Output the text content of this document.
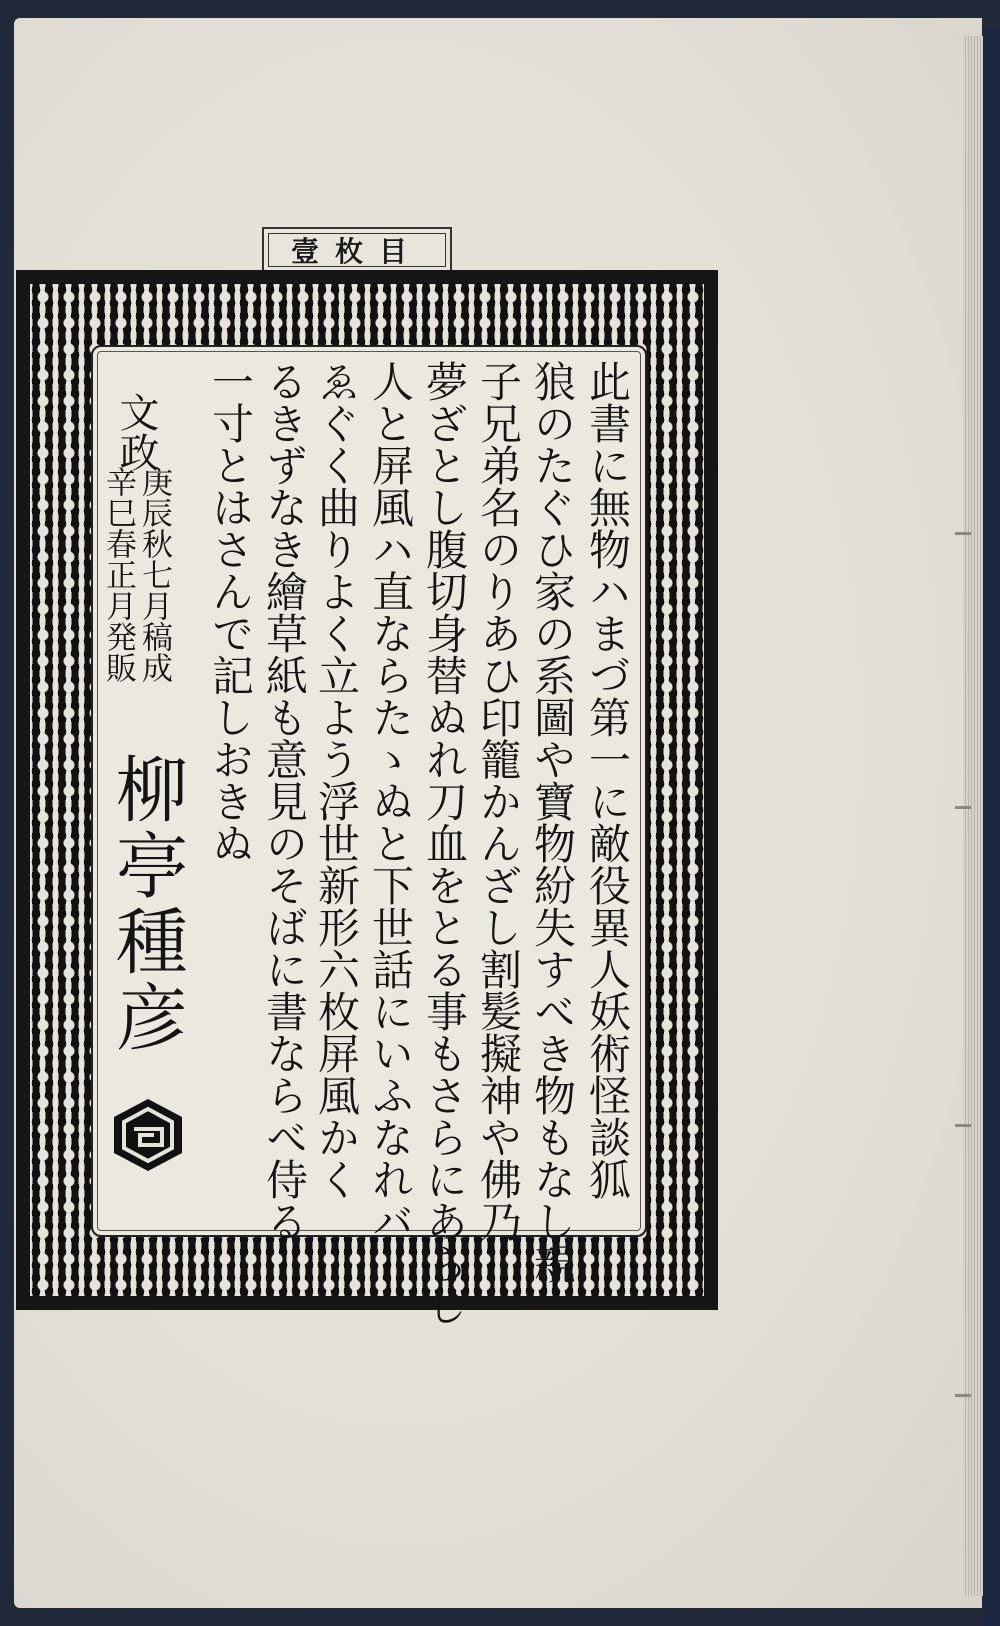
壹枚目
此書に無物ハまづ第一に敵役異人妖術怪談狐
狼のたぐひ家の系圖や寶物紛失すべき物もなし親
子兄弟名のりあひ印籠かんざし割髪擬神や佛乃
夢ざとし腹切身替ぬれ刀血をとる事もさらにあらじ
人と屏風ハ直ならたゝぬと下世話にいふなれバ
ゑぐく曲りよく立よう浮世新形六枚屏風かく
るきずなき繪草紙も意見のそばに書ならべ侍る
一寸とはさんで記しおきぬ
文政
庚辰秋七月稿成
辛巳春正月発販
柳亭種彦
